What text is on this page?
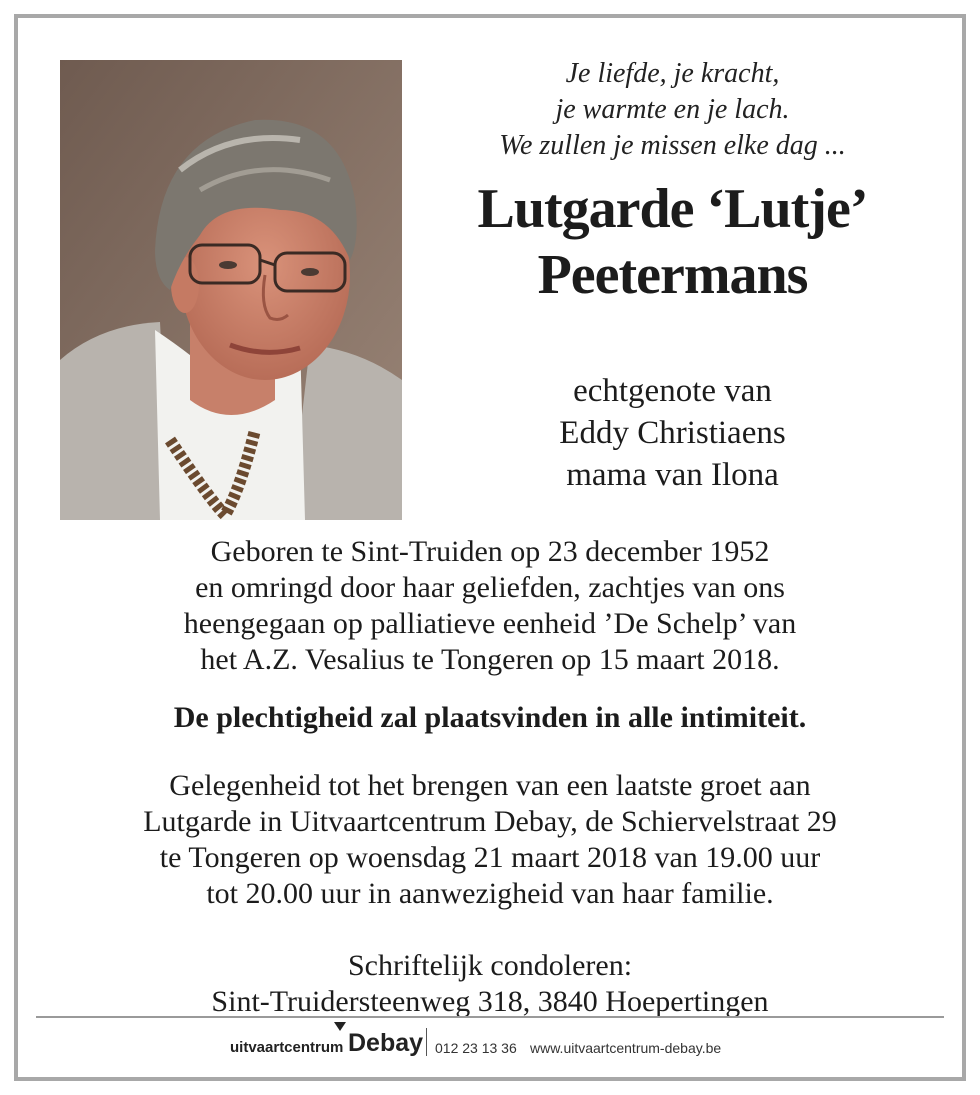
Je liefde, je kracht,
je warmte en je lach.
We zullen je missen elke dag ...
Lutgarde ‘Lutje’
Peetermans
echtgenote van
Eddy Christiaens
mama van Ilona
Geboren te Sint-Truiden op 23 december 1952
en omringd door haar geliefden, zachtjes van ons
heengegaan op palliatieve eenheid ’De Schelp’ van
het A.Z. Vesalius te Tongeren op 15 maart 2018.
De plechtigheid zal plaatsvinden in alle intimiteit.
Gelegenheid tot het brengen van een laatste groet aan
Lutgarde in Uitvaartcentrum Debay, de Schiervelstraat 29
te Tongeren op woensdag 21 maart 2018 van 19.00 uur
tot 20.00 uur in aanwezigheid van haar familie.
Schriftelijk condoleren:
Sint-Truidersteenweg 318, 3840 Hoepertingen
uitvaartcentrum Debay 012 23 13 36 www.uitvaartcentrum-debay.be
